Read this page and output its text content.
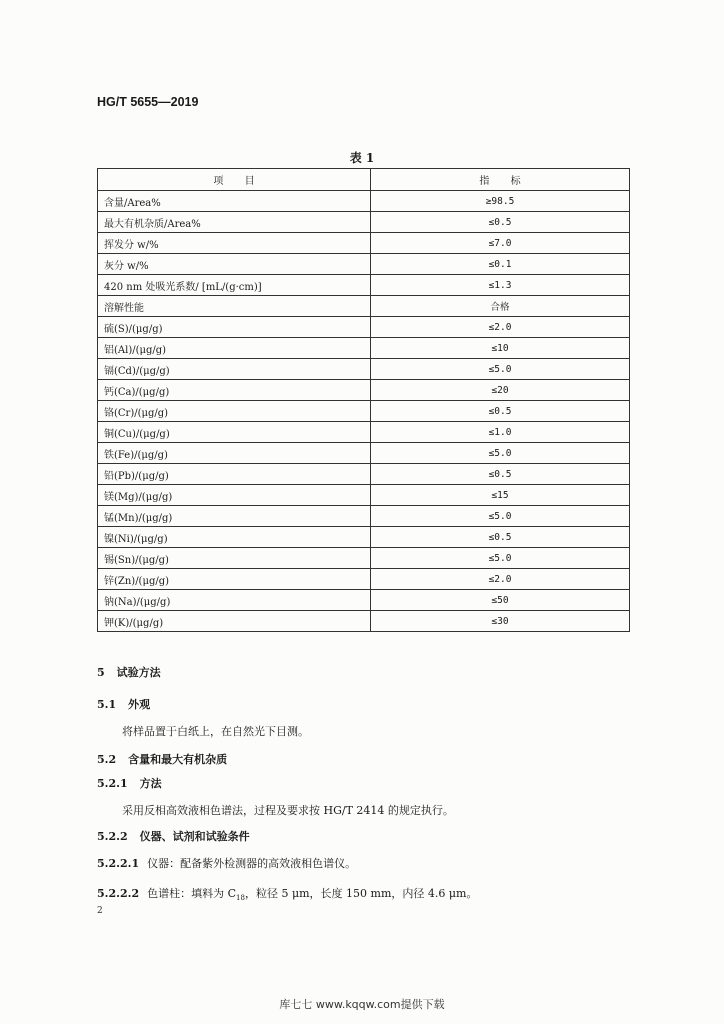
HG/T 5655—2019
表 1
项 目	指 标
含量/Area%	≥98.5
最大有机杂质/Area%	≤0.5
挥发分 w/%	≤7.0
灰分 w/%	≤0.1
420 nm 处吸光系数/ [mL/(g·cm)]	≤1.3
溶解性能	合格
硫(S)/(μg/g)	≤2.0
铝(Al)/(μg/g)	≤10
镉(Cd)/(μg/g)	≤5.0
钙(Ca)/(μg/g)	≤20
铬(Cr)/(μg/g)	≤0.5
铜(Cu)/(μg/g)	≤1.0
铁(Fe)/(μg/g)	≤5.0
铅(Pb)/(μg/g)	≤0.5
镁(Mg)/(μg/g)	≤15
锰(Mn)/(μg/g)	≤5.0
镍(Ni)/(μg/g)	≤0.5
锡(Sn)/(μg/g)	≤5.0
锌(Zn)/(μg/g)	≤2.0
钠(Na)/(μg/g)	≤50
钾(K)/(μg/g)	≤30
5 试验方法
5.1 外观
将样品置于白纸上，在自然光下目测。
5.2 含量和最大有机杂质
5.2.1 方法
采用反相高效液相色谱法，过程及要求按 HG/T 2414 的规定执行。
5.2.2 仪器、试剂和试验条件
5.2.2.1 仪器：配备紫外检测器的高效液相色谱仪。
5.2.2.2 色谱柱：填料为 $C_{18}$，粒径 5 μm，长度 150 mm，内径 4.6 μm。
2
库七七 www.kqqw.com提供下载
